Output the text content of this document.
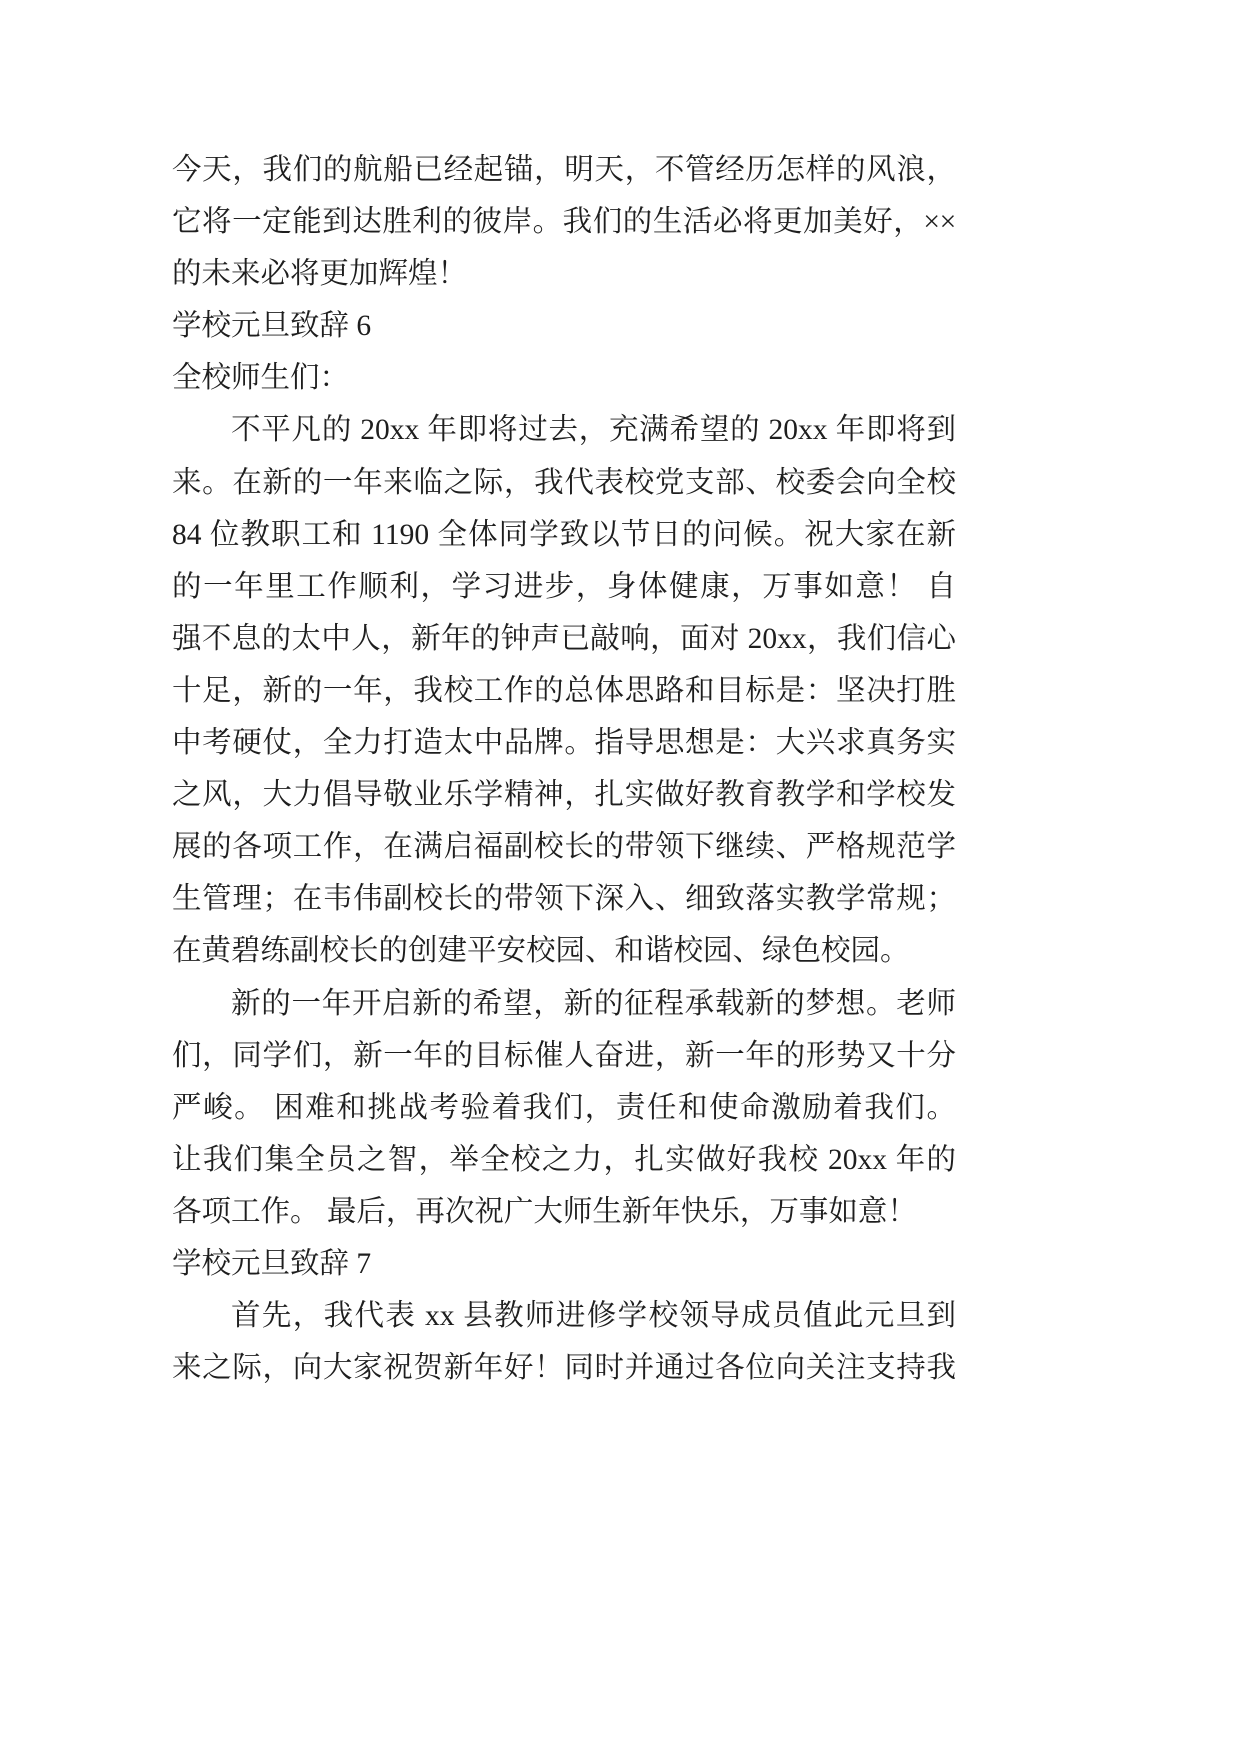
今天，我们的航船已经起锚，明天，不管经历怎样的风浪，
它将一定能到达胜利的彼岸。我们的生活必将更加美好，××
的未来必将更加辉煌！
学校元旦致辞 6
全校师生们：
不平凡的 20xx 年即将过去，充满希望的 20xx 年即将到
来。在新的一年来临之际，我代表校党支部、校委会向全校
84 位教职工和 1190 全体同学致以节日的问候。祝大家在新
的一年里工作顺利，学习进步，身体健康，万事如意！ 自
强不息的太中人，新年的钟声已敲响，面对 20xx，我们信心
十足，新的一年，我校工作的总体思路和目标是：坚决打胜
中考硬仗，全力打造太中品牌。指导思想是：大兴求真务实
之风，大力倡导敬业乐学精神，扎实做好教育教学和学校发
展的各项工作，在满启福副校长的带领下继续、严格规范学
生管理；在韦伟副校长的带领下深入、细致落实教学常规；
在黄碧练副校长的创建平安校园、和谐校园、绿色校园。
新的一年开启新的希望，新的征程承载新的梦想。老师
们，同学们，新一年的目标催人奋进，新一年的形势又十分
严峻。 困难和挑战考验着我们，责任和使命激励着我们。
让我们集全员之智，举全校之力，扎实做好我校 20xx 年的
各项工作。 最后，再次祝广大师生新年快乐，万事如意！
学校元旦致辞 7
首先，我代表 xx 县教师进修学校领导成员值此元旦到
来之际，向大家祝贺新年好！同时并通过各位向关注支持我
